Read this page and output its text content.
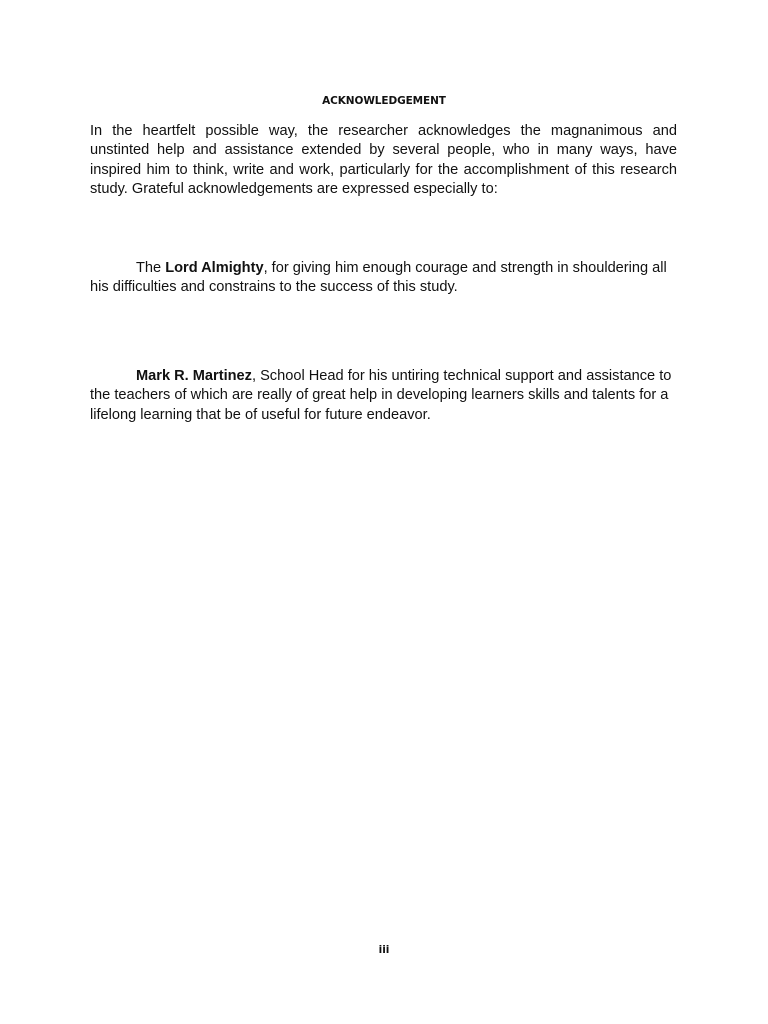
ACKNOWLEDGEMENT

In the heartfelt possible way, the researcher acknowledges the magnanimous and unstinted help and assistance extended by several people, who in many ways, have inspired him to think, write and work, particularly for the accomplishment of this research study. Grateful acknowledgements are expressed especially to:

The Lord Almighty, for giving him enough courage and strength in shouldering all his difficulties and constrains to the success of this study.

Mark R. Martinez, School Head for his untiring technical support and assistance to the teachers of which are really of great help in developing learners skills and talents for a lifelong learning that be of useful for future endeavor.

iii
